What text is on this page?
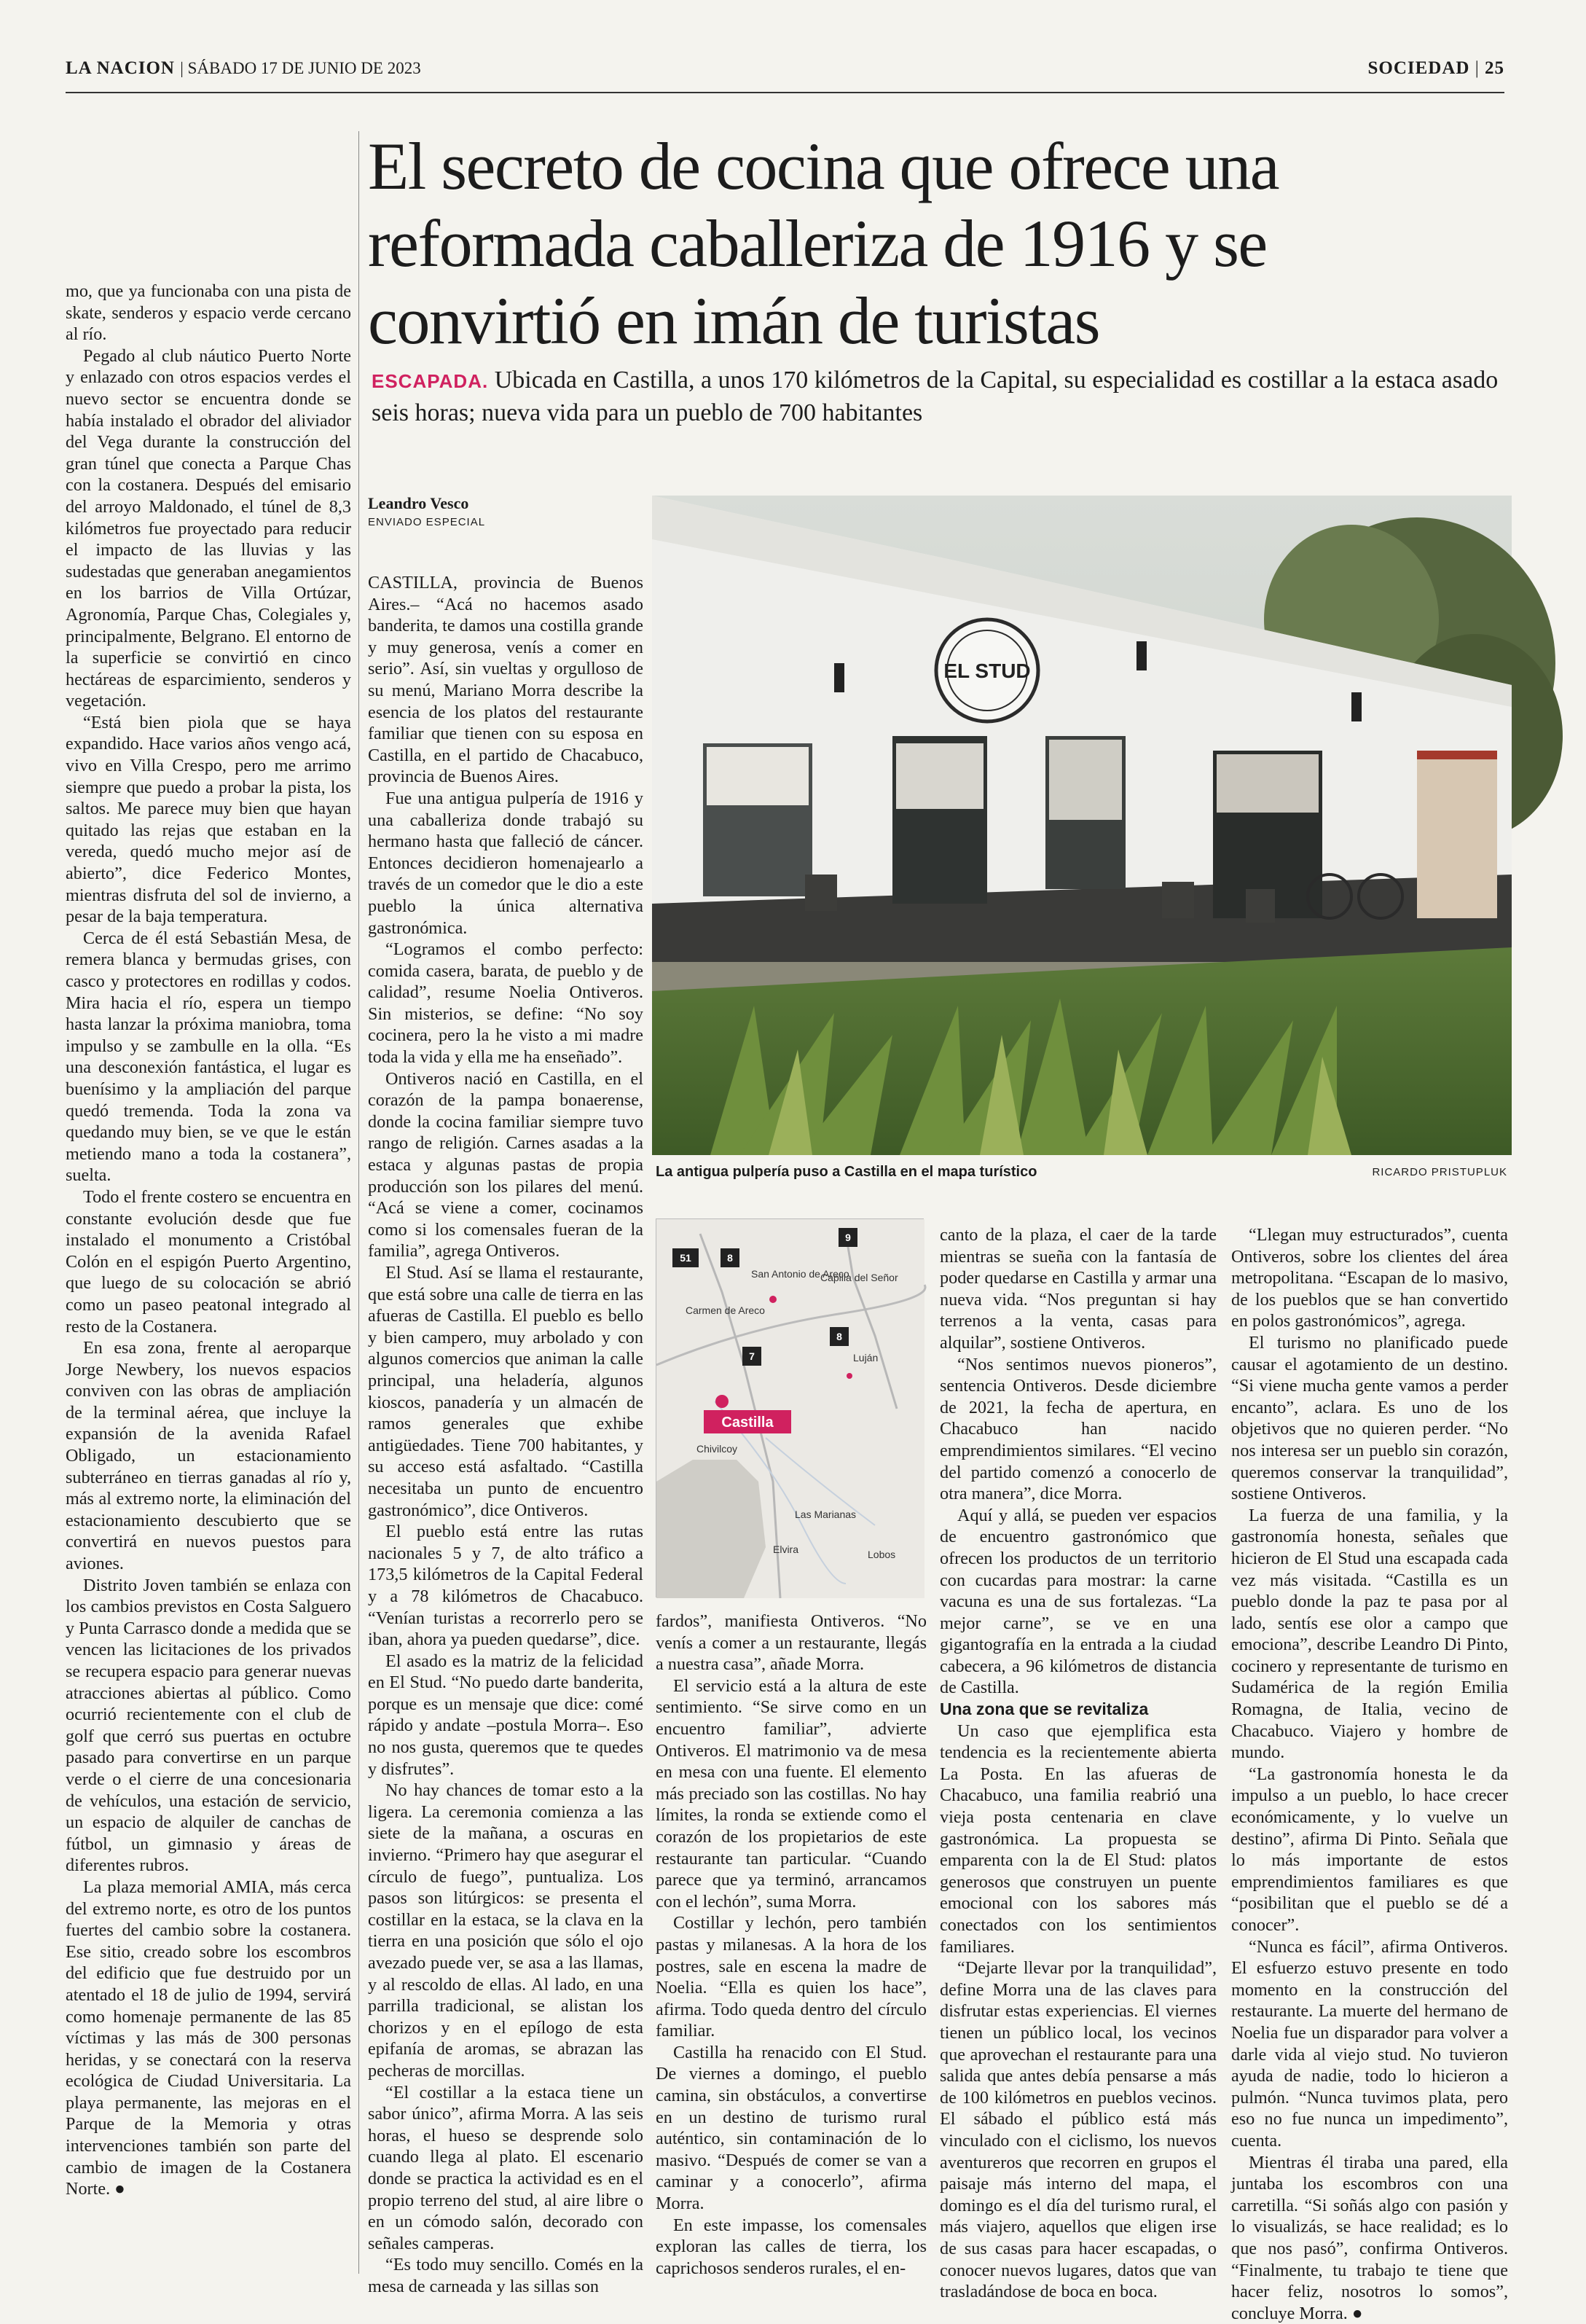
LA NACION | SÁBADO 17 DE JUNIO DE 2023	SOCIEDAD | 25

mo, que ya funcionaba con una pista de skate, senderos y espacio verde cercano al río.

Pegado al club náutico Puerto Norte y enlazado con otros espacios verdes el nuevo sector se encuentra donde se había instalado el obrador del aliviador del Vega durante la construcción del gran túnel que conecta a Parque Chas con la costanera. Después del emisario del arroyo Maldonado, el túnel de 8,3 kilómetros fue proyectado para reducir el impacto de las lluvias y las sudestadas que generaban anegamientos en los barrios de Villa Ortúzar, Agronomía, Parque Chas, Colegiales y, principalmente, Belgrano. El entorno de la superficie se convirtió en cinco hectáreas de esparcimiento, senderos y vegetación.

“Está bien piola que se haya expandido. Hace varios años vengo acá, vivo en Villa Crespo, pero me arrimo siempre que puedo a probar la pista, los saltos. Me parece muy bien que hayan quitado las rejas que estaban en la vereda, quedó mucho mejor así de abierto”, dice Federico Montes, mientras disfruta del sol de invierno, a pesar de la baja temperatura.

Cerca de él está Sebastián Mesa, de remera blanca y bermudas grises, con casco y protectores en rodillas y codos. Mira hacia el río, espera un tiempo hasta lanzar la próxima maniobra, toma impulso y se zambulle en la olla. “Es una desconexión fantástica, el lugar es buenísimo y la ampliación del parque quedó tremenda. Toda la zona va quedando muy bien, se ve que le están metiendo mano a toda la costanera”, suelta.

Todo el frente costero se encuentra en constante evolución desde que fue instalado el monumento a Cristóbal Colón en el espigón Puerto Argentino, que luego de su colocación se abrió como un paseo peatonal integrado al resto de la Costanera.

En esa zona, frente al aeroparque Jorge Newbery, los nuevos espacios conviven con las obras de ampliación de la terminal aérea, que incluye la expansión de la avenida Rafael Obligado, un estacionamiento subterráneo en tierras ganadas al río y, más al extremo norte, la eliminación del estacionamiento descubierto que se convertirá en nuevos puestos para aviones.

Distrito Joven también se enlaza con los cambios previstos en Costa Salguero y Punta Carrasco donde a medida que se vencen las licitaciones de los privados se recupera espacio para generar nuevas atracciones abiertas al público. Como ocurrió recientemente con el club de golf que cerró sus puertas en octubre pasado para convertirse en un parque verde o el cierre de una concesionaria de vehículos, una estación de servicio, un espacio de alquiler de canchas de fútbol, un gimnasio y áreas de diferentes rubros.

La plaza memorial AMIA, más cerca del extremo norte, es otro de los puntos fuertes del cambio sobre la costanera. Ese sitio, creado sobre los escombros del edificio que fue destruido por un atentado el 18 de julio de 1994, servirá como homenaje permanente de las 85 víctimas y las más de 300 personas heridas, y se conectará con la reserva ecológica de Ciudad Universitaria. La playa permanente, las mejoras en el Parque de la Memoria y otras intervenciones también son parte del cambio de imagen de la Costanera Norte. ●

El secreto de cocina que ofrece una reformada caballeriza de 1916 y se convirtió en imán de turistas
ESCAPADA. Ubicada en Castilla, a unos 170 kilómetros de la Capital, su especialidad es costillar a la estaca asado seis horas; nueva vida para un pueblo de 700 habitantes
Leandro Vesco
ENVIADO ESPECIAL

CASTILLA, provincia de Buenos Aires.– “Acá no hacemos asado banderita, te damos una costilla grande y muy generosa, venís a comer en serio”. Así, sin vueltas y orgulloso de su menú, Mariano Morra describe la esencia de los platos del restaurante familiar que tienen con su esposa en Castilla, en el partido de Chacabuco, provincia de Buenos Aires.

Fue una antigua pulpería de 1916 y una caballeriza donde trabajó su hermano hasta que falleció de cáncer. Entonces decidieron homenajearlo a través de un comedor que le dio a este pueblo la única alternativa gastronómica.

“Logramos el combo perfecto: comida casera, barata, de pueblo y de calidad”, resume Noelia Ontiveros. Sin misterios, se define: “No soy cocinera, pero la he visto a mi madre toda la vida y ella me ha enseñado”.

Ontiveros nació en Castilla, en el corazón de la pampa bonaerense, donde la cocina familiar siempre tuvo rango de religión. Carnes asadas a la estaca y algunas pastas de propia producción son los pilares del menú. “Acá se viene a comer, cocinamos como si los comensales fueran de la familia”, agrega Ontiveros.

El Stud. Así se llama el restaurante, que está sobre una calle de tierra en las afueras de Castilla. El pueblo es bello y bien campero, muy arbolado y con algunos comercios que animan la calle principal, una heladería, algunos kioscos, panadería y un almacén de ramos generales que exhibe antigüedades. Tiene 700 habitantes, y su acceso está asfaltado. “Castilla necesitaba un punto de encuentro gastronómico”, dice Ontiveros.

El pueblo está entre las rutas nacionales 5 y 7, de alto tráfico a 173,5 kilómetros de la Capital Federal y a 78 kilómetros de Chacabuco. “Venían turistas a recorrerlo pero se iban, ahora ya pueden quedarse”, dice.

El asado es la matriz de la felicidad en El Stud. “No puedo darte banderita, porque es un mensaje que dice: comé rápido y andate –postula Morra–. Eso no nos gusta, queremos que te quedes y disfrutes”.

No hay chances de tomar esto a la ligera. La ceremonia comienza a las siete de la mañana, a oscuras en invierno. “Primero hay que asegurar el círculo de fuego”, puntualiza. Los pasos son litúrgicos: se presenta el costillar en la estaca, se la clava en la tierra en una posición que sólo el ojo avezado puede ver, se asa a las llamas, y al rescoldo de ellas. Al lado, en una parrilla tradicional, se alistan los chorizos y en el epílogo de esta epifanía de aromas, se abrazan las pecheras de morcillas.

“El costillar a la estaca tiene un sabor único”, afirma Morra. A las seis horas, el hueso se desprende solo cuando llega al plato. El escenario donde se practica la actividad es en el propio terreno del stud, al aire libre o en un cómodo salón, decorado con señales camperas.

“Es todo muy sencillo. Comés en la mesa de carneada y las sillas son

EL STUD
La antigua pulpería puso a Castilla en el mapa turístico	RICARDO PRISTUPLUK
51	8
9
8
7
San Antonio de Areco
Capilla del Señor
Carmen de Areco
Luján
Castilla
Chivilcoy
Las Marianas
Elvira	Lobos

fardos”, manifiesta Ontiveros. “No venís a comer a un restaurante, llegás a nuestra casa”, añade Morra.

El servicio está a la altura de este sentimiento. “Se sirve como en un encuentro familiar”, advierte Ontiveros. El matrimonio va de mesa en mesa con una fuente. El elemento más preciado son las costillas. No hay límites, la ronda se extiende como el corazón de los propietarios de este restaurante tan particular. “Cuando parece que ya terminó, arrancamos con el lechón”, suma Morra.

Costillar y lechón, pero también pastas y milanesas. A la hora de los postres, sale en escena la madre de Noelia. “Ella es quien los hace”, afirma. Todo queda dentro del círculo familiar.

Castilla ha renacido con El Stud. De viernes a domingo, el pueblo camina, sin obstáculos, a convertirse en un destino de turismo rural auténtico, sin contaminación de lo masivo. “Después de comer se van a caminar y a conocerlo”, afirma Morra.

En este impasse, los comensales exploran las calles de tierra, los caprichosos senderos rurales, el en-

canto de la plaza, el caer de la tarde mientras se sueña con la fantasía de poder quedarse en Castilla y armar una nueva vida. “Nos preguntan si hay terrenos a la venta, casas para alquilar”, sostiene Ontiveros.

“Nos sentimos nuevos pioneros”, sentencia Ontiveros. Desde diciembre de 2021, la fecha de apertura, en Chacabuco han nacido emprendimientos similares. “El vecino del partido comenzó a conocerlo de otra manera”, dice Morra.

Aquí y allá, se pueden ver espacios de encuentro gastronómico que ofrecen los productos de un territorio con cucardas para mostrar: la carne vacuna es una de sus fortalezas. “La mejor carne”, se ve en una gigantografía en la entrada a la ciudad cabecera, a 96 kilómetros de distancia de Castilla.

Una zona que se revitaliza

Un caso que ejemplifica esta tendencia es la recientemente abierta La Posta. En las afueras de Chacabuco, una familia reabrió una vieja posta centenaria en clave gastronómica. La propuesta se emparenta con la de El Stud: platos generosos que construyen un puente emocional con los sabores más conectados con los sentimientos familiares.

“Dejarte llevar por la tranquilidad”, define Morra una de las claves para disfrutar estas experiencias. El viernes tienen un público local, los vecinos que aprovechan el restaurante para una salida que antes debía pensarse a más de 100 kilómetros en pueblos vecinos. El sábado el público está más vinculado con el ciclismo, los nuevos aventureros que recorren en grupos el paisaje más interno del mapa, el domingo es el día del turismo rural, el más viajero, aquellos que eligen irse de sus casas para hacer escapadas, o conocer nuevos lugares, datos que van trasladándose de boca en boca.

“Llegan muy estructurados”, cuenta Ontiveros, sobre los clientes del área metropolitana. “Escapan de lo masivo, de los pueblos que se han convertido en polos gastronómicos”, agrega.

El turismo no planificado puede causar el agotamiento de un destino. “Si viene mucha gente vamos a perder encanto”, aclara. Es uno de los objetivos que no quieren perder. “No nos interesa ser un pueblo sin corazón, queremos conservar la tranquilidad”, sostiene Ontiveros.

La fuerza de una familia, y la gastronomía honesta, señales que hicieron de El Stud una escapada cada vez más visitada. “Castilla es un pueblo donde la paz te pasa por al lado, sentís ese olor a campo que emociona”, describe Leandro Di Pinto, cocinero y representante de turismo en Sudamérica de la región Emilia Romagna, de Italia, vecino de Chacabuco. Viajero y hombre de mundo.

“La gastronomía honesta le da impulso a un pueblo, lo hace crecer económicamente, y lo vuelve un destino”, afirma Di Pinto. Señala que lo más importante de estos emprendimientos familiares es que “posibilitan que el pueblo se dé a conocer”.

“Nunca es fácil”, afirma Ontiveros. El esfuerzo estuvo presente en todo momento en la construcción del restaurante. La muerte del hermano de Noelia fue un disparador para volver a darle vida al viejo stud. No tuvieron ayuda de nadie, todo lo hicieron a pulmón. “Nunca tuvimos plata, pero eso no fue nunca un impedimento”, cuenta.

Mientras él tiraba una pared, ella juntaba los escombros con una carretilla. “Si soñás algo con pasión y lo visualizás, se hace realidad; es lo que nos pasó”, confirma Ontiveros. “Finalmente, tu trabajo te tiene que hacer feliz, nosotros lo somos”, concluye Morra. ●
